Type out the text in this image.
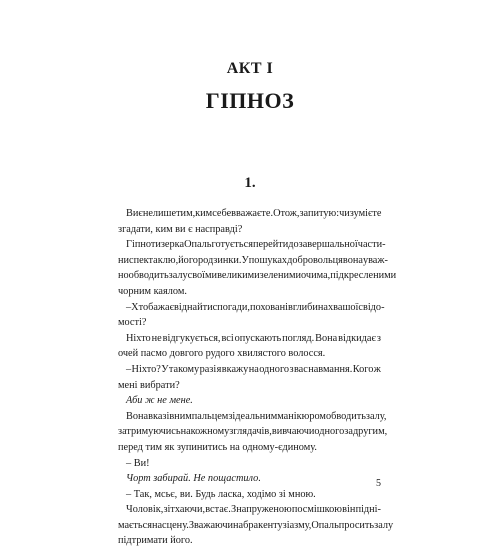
АКТ І
ГІПНОЗ
1.
Ви є не лише тим, ким себе вважаєте. Отож, запитую: чи зумієте
згадати, ким ви є насправді?
Гіпнотизерка Опаль готується перейти до завершальної части-
ни спектаклю, його родзинки. У пошуках добровольця вона уваж-
но обводить залу своїми великими зеленими очима, підкресленими
чорним каялом.
– Хто бажає віднайти спогади, поховані в глибинах вашої свідо-
мості?
Ніхто не відгукується, всі опускають погляд. Вона відкидає з
очей пасмо довгого рудого хвилястого волосся.
– Ніхто? У такому разі я вкажу на одного з вас навмання. Кого ж
мені вибрати?
Аби ж не мене.
Вона вказівним пальцем з ідеальним манікюром обводить залу,
затримуючись на кожному з глядачів, вивчаючи одного за другим,
перед тим як зупинитись на одному-єдиному.
– Ви!
Чорт забирай. Не пощастило.
– Так, мсьє, ви. Будь ласка, ходімо зі мною.
Чоловік, зітхаючи, встає. З напруженою посмішкою він підні-
мається на сцену. Зважаючи на брак ентузіазму, Опаль просить залу
підтримати його.
5
